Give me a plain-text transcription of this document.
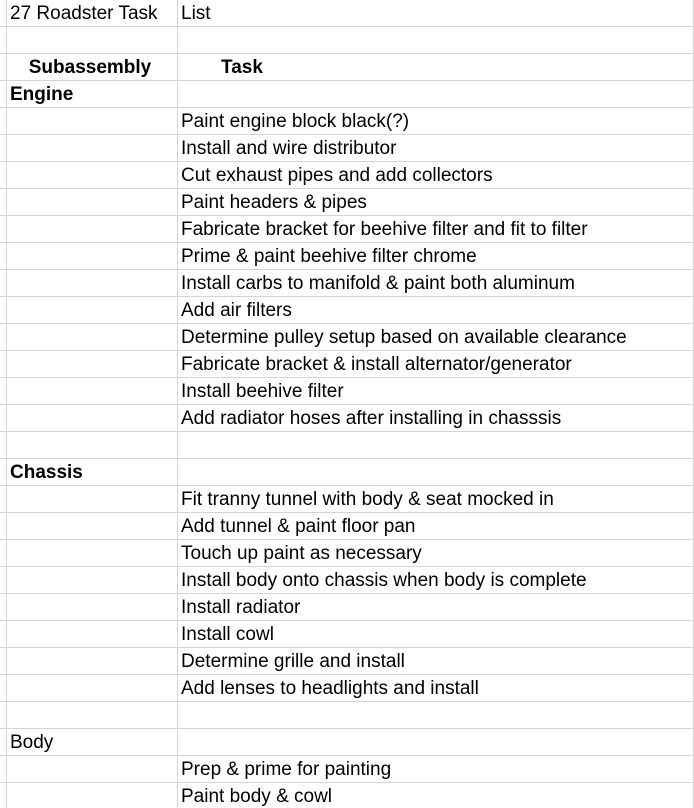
27 Roadster Task	List
Subassembly	Task
Engine
Paint engine block black(?)
Install and wire distributor
Cut exhaust pipes and add collectors
Paint headers & pipes
Fabricate bracket for beehive filter and fit to filter
Prime & paint beehive filter chrome
Install carbs to manifold & paint both aluminum
Add air filters
Determine pulley setup based on available clearance
Fabricate bracket & install alternator/generator
Install beehive filter
Add radiator hoses after installing in chasssis
Chassis
Fit tranny tunnel with body & seat mocked in
Add tunnel & paint floor pan
Touch up paint as necessary
Install body onto chassis when body is complete
Install radiator
Install cowl
Determine grille and install
Add lenses to headlights and install
Body
Prep & prime for painting
Paint body & cowl
